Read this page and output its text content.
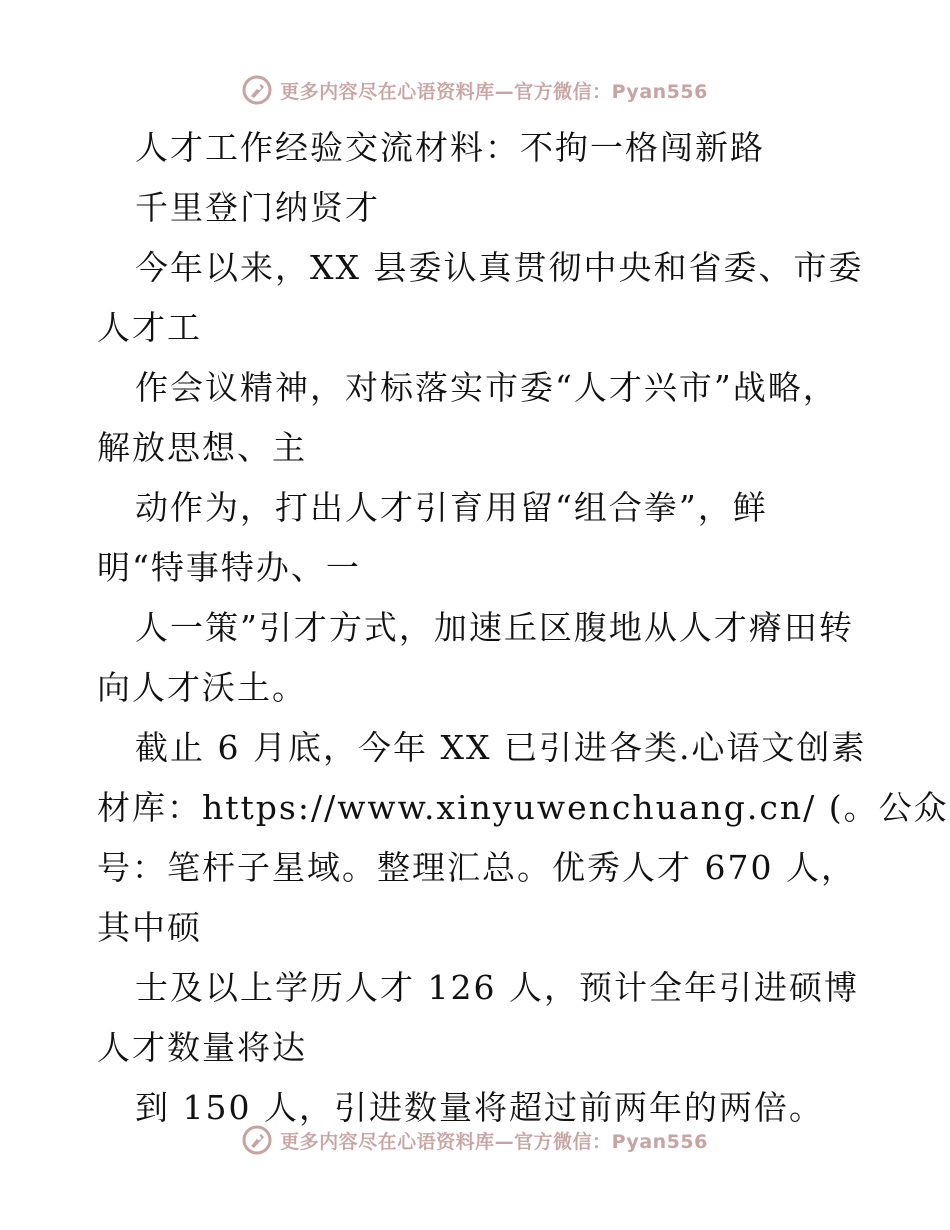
更多内容尽在心语资料库—官方微信：Pyan556
人才工作经验交流材料：不拘一格闯新路
千里登门纳贤才
今年以来，XX 县委认真贯彻中央和省委、市委
人才工
作会议精神，对标落实市委“人才兴市”战略，
解放思想、主
动作为，打出人才引育用留“组合拳”，鲜
明“特事特办、一
人一策”引才方式，加速丘区腹地从人才瘠田转
向人才沃土。
截止 6 月底，今年 XX 已引进各类.心语文创素
材库：https://www.xinyuwenchuang.cn/ (。公众
号：笔杆子星域。整理汇总。优秀人才 670 人，
其中硕
士及以上学历人才 126 人，预计全年引进硕博
人才数量将达
到 150 人，引进数量将超过前两年的两倍。
更多内容尽在心语资料库—官方微信：Pyan556
